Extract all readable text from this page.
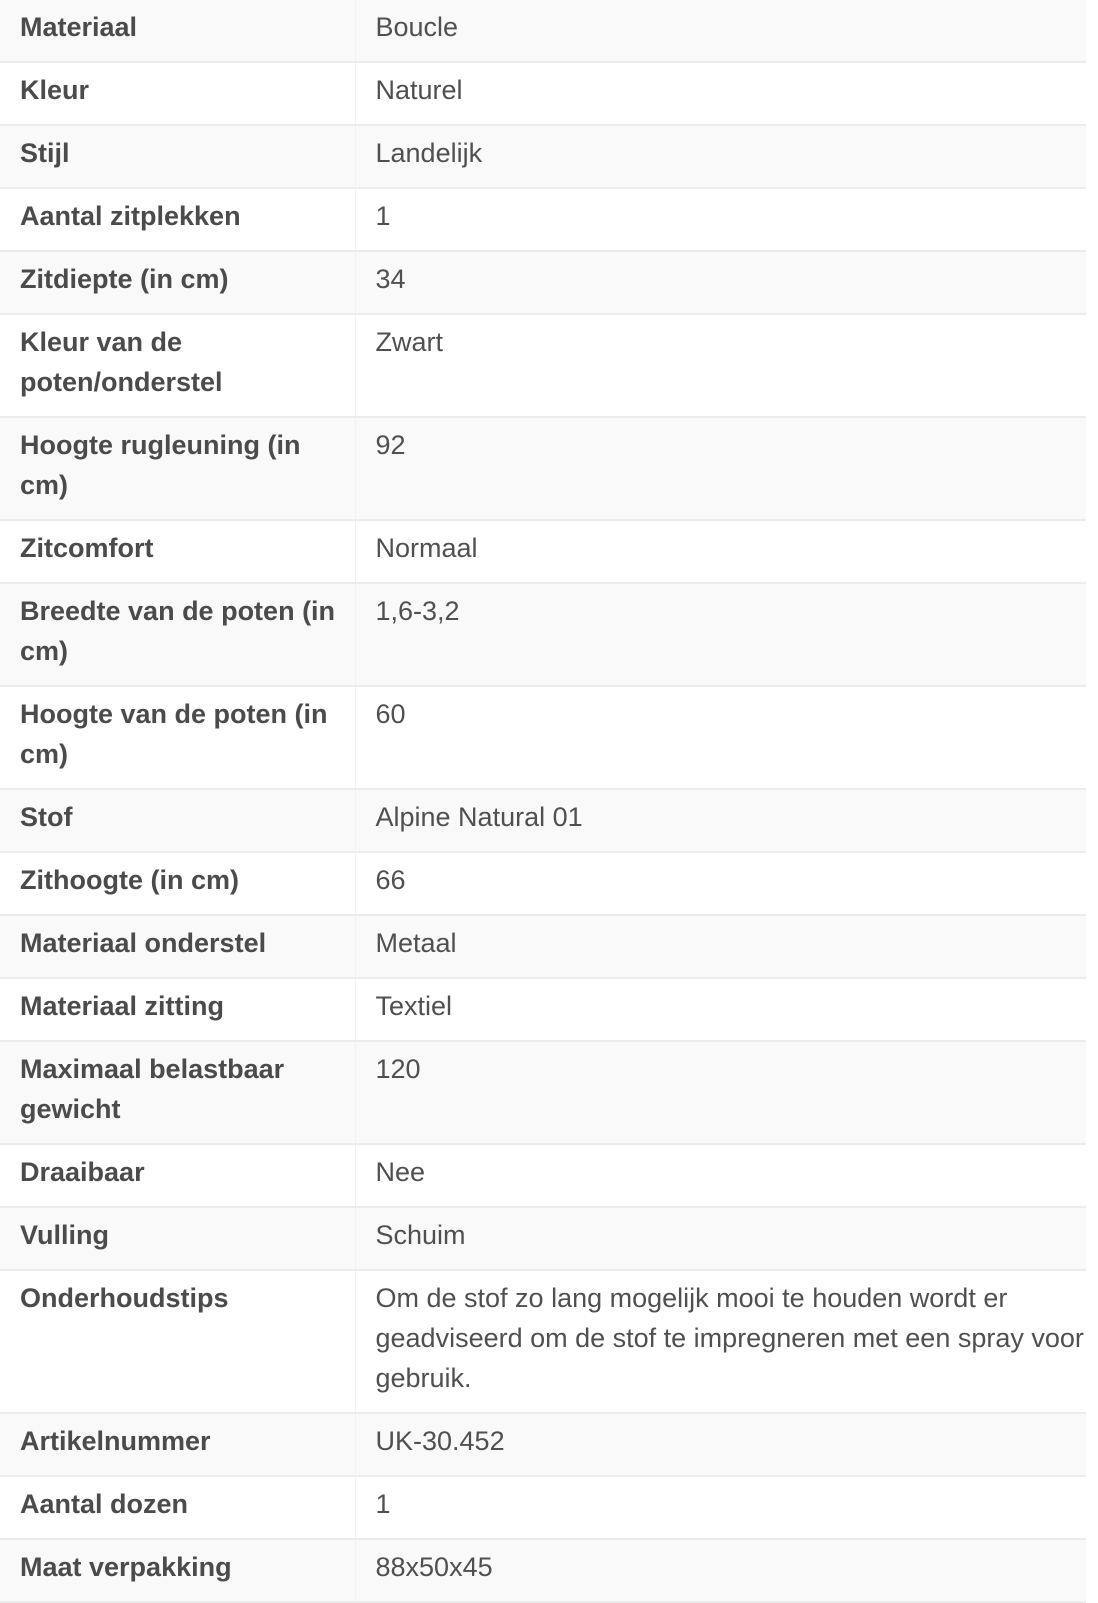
Materiaal	Boucle
Kleur	Naturel
Stijl	Landelijk
Aantal zitplekken	1
Zitdiepte (in cm)	34
Kleur van de poten/onderstel	Zwart
Hoogte rugleuning (in cm)	92
Zitcomfort	Normaal
Breedte van de poten (in cm)	1,6-3,2
Hoogte van de poten (in cm)	60
Stof	Alpine Natural 01
Zithoogte (in cm)	66
Materiaal onderstel	Metaal
Materiaal zitting	Textiel
Maximaal belastbaar gewicht	120
Draaibaar	Nee
Vulling	Schuim
Onderhoudstips	Om de stof zo lang mogelijk mooi te houden wordt er geadviseerd om de stof te impregneren met een spray voor gebruik.
Artikelnummer	UK-30.452
Aantal dozen	1
Maat verpakking	88x50x45
